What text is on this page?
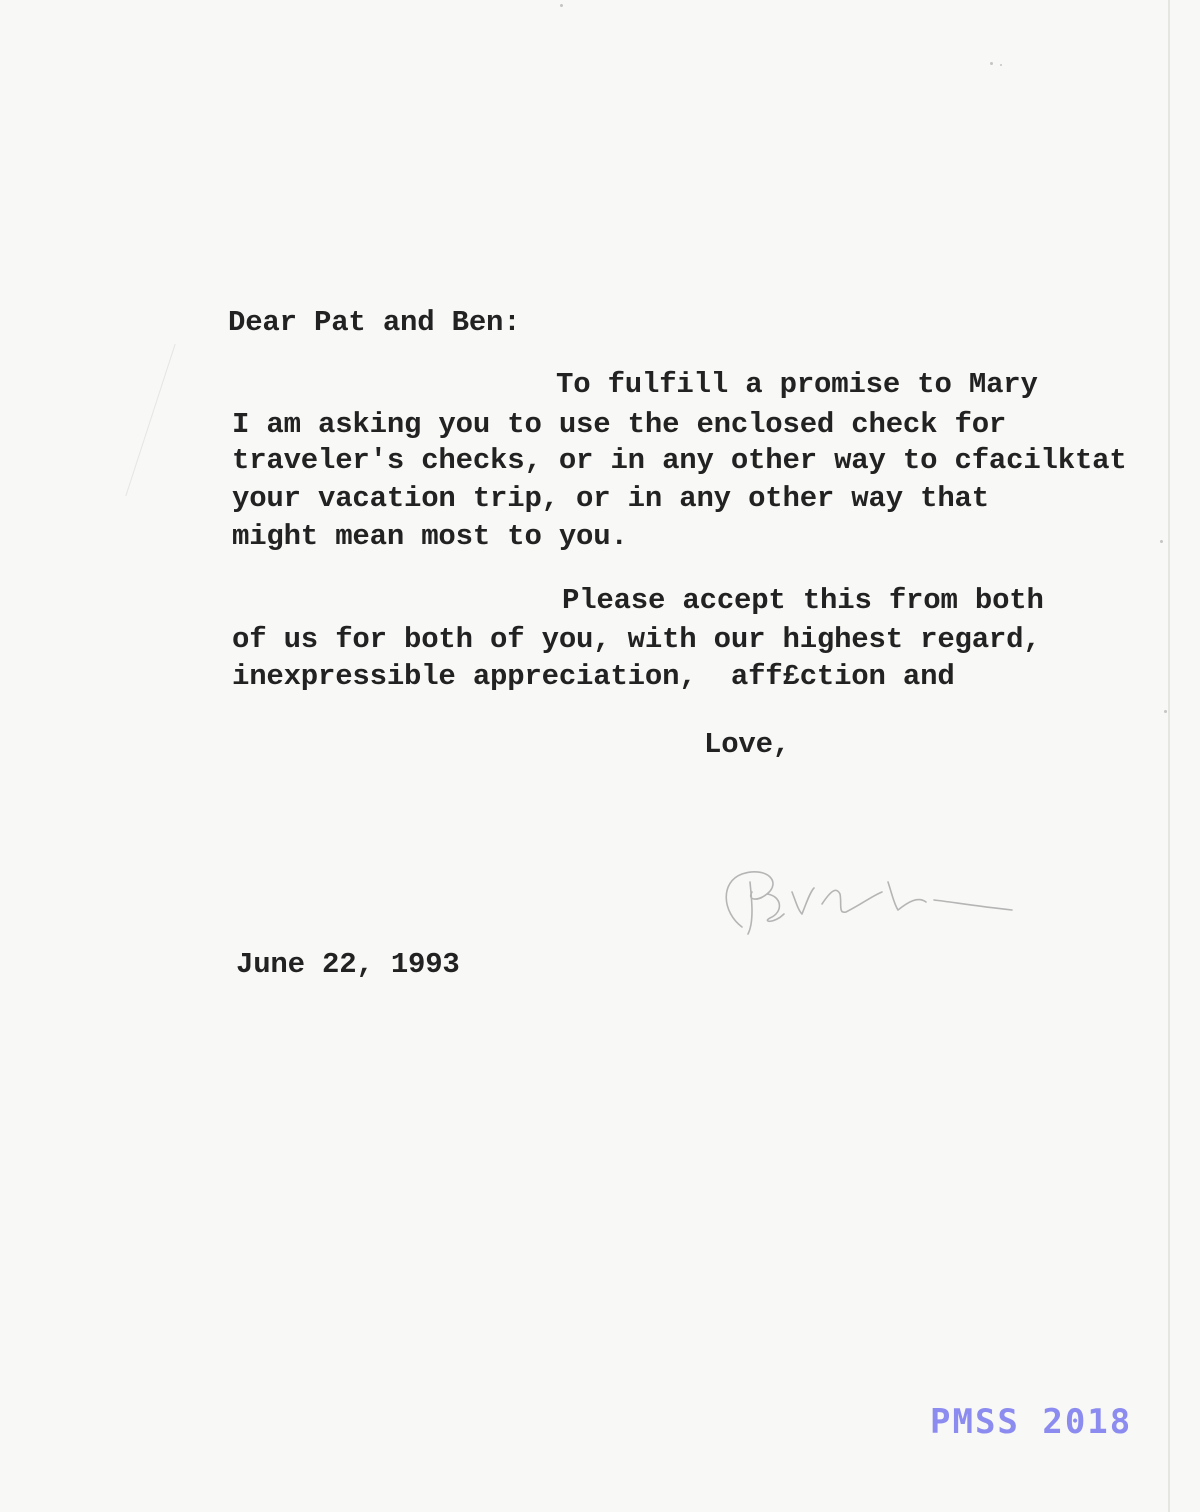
Dear Pat and Ben:
To fulfill a promise to Mary
I am asking you to use the enclosed check for
traveler's checks, or in any other way to cfacilktat
your vacation trip, or in any other way that
might mean most to you.
Please accept this from both
of us for both of you, with our highest regard,
inexpressible appreciation,  aff£ction and
Love,
June 22, 1993
PMSS 2018
